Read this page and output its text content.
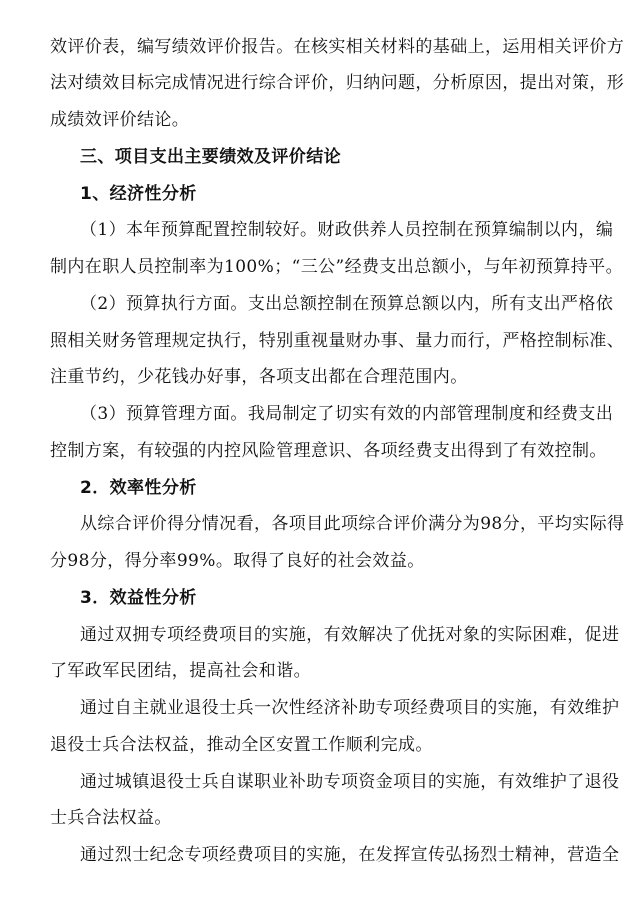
效评价表，编写绩效评价报告。在核实相关材料的基础上，运用相关评价方
法对绩效目标完成情况进行综合评价，归纳问题，分析原因，提出对策，形
成绩效评价结论。
三、项目支出主要绩效及评价结论
1、经济性分析
（1）本年预算配置控制较好。财政供养人员控制在预算编制以内，编
制内在职人员控制率为100%；“三公”经费支出总额小，与年初预算持平。
（2）预算执行方面。支出总额控制在预算总额以内，所有支出严格依
照相关财务管理规定执行，特别重视量财办事、量力而行，严格控制标准、
注重节约，少花钱办好事，各项支出都在合理范围内。
（3）预算管理方面。我局制定了切实有效的内部管理制度和经费支出
控制方案，有较强的内控风险管理意识、各项经费支出得到了有效控制。
2．效率性分析
从综合评价得分情况看，各项目此项综合评价满分为98分，平均实际得
分98分，得分率99%。取得了良好的社会效益。
3．效益性分析
通过双拥专项经费项目的实施，有效解决了优抚对象的实际困难，促进
了军政军民团结，提高社会和谐。
通过自主就业退役士兵一次性经济补助专项经费项目的实施，有效维护
退役士兵合法权益，推动全区安置工作顺利完成。
通过城镇退役士兵自谋职业补助专项资金项目的实施，有效维护了退役
士兵合法权益。
通过烈士纪念专项经费项目的实施，在发挥宣传弘扬烈士精神，营造全
